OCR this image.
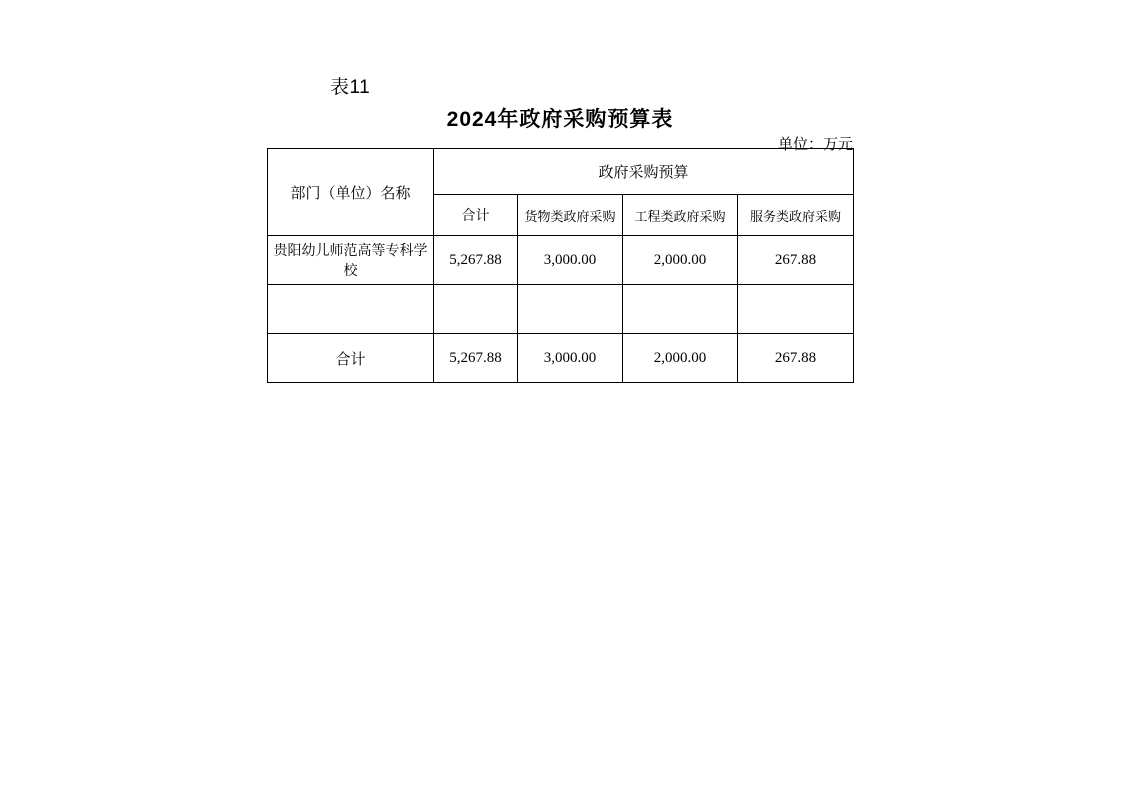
表11
2024年政府采购预算表
单位：万元
部门（单位）名称	政府采购预算			
	合计	货物类政府采购	工程类政府采购	服务类政府采购
贵阳幼儿师范高等专科学校	5,267.88	3,000.00	2,000.00	267.88

合计	5,267.88	3,000.00	2,000.00	267.88
